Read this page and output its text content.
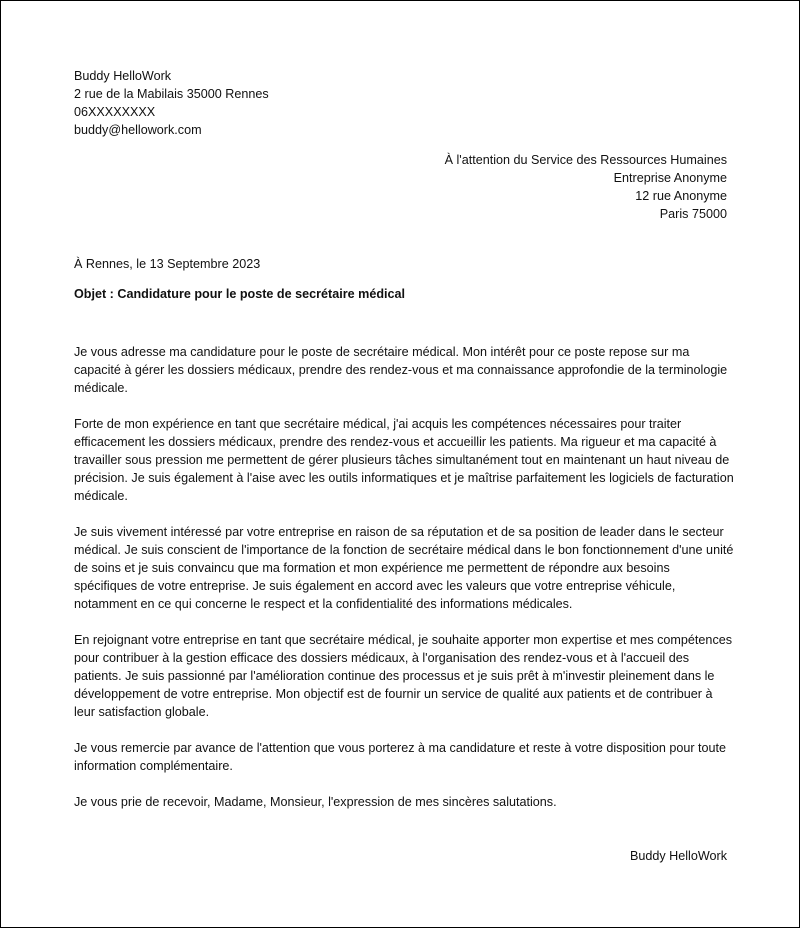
Buddy HelloWork
2 rue de la Mabilais 35000 Rennes
06XXXXXXXX
buddy@hellowork.com
À l'attention du Service des Ressources Humaines
Entreprise Anonyme
12 rue Anonyme
Paris 75000
À Rennes, le 13 Septembre 2023
Objet : Candidature pour le poste de secrétaire médical

Je vous adresse ma candidature pour le poste de secrétaire médical. Mon intérêt pour ce poste repose sur ma capacité à gérer les dossiers médicaux, prendre des rendez-vous et ma connaissance approfondie de la terminologie médicale.

Forte de mon expérience en tant que secrétaire médical, j'ai acquis les compétences nécessaires pour traiter efficacement les dossiers médicaux, prendre des rendez-vous et accueillir les patients. Ma rigueur et ma capacité à travailler sous pression me permettent de gérer plusieurs tâches simultanément tout en maintenant un haut niveau de précision. Je suis également à l'aise avec les outils informatiques et je maîtrise parfaitement les logiciels de facturation médicale.

Je suis vivement intéressé par votre entreprise en raison de sa réputation et de sa position de leader dans le secteur médical. Je suis conscient de l'importance de la fonction de secrétaire médical dans le bon fonctionnement d'une unité de soins et je suis convaincu que ma formation et mon expérience me permettent de répondre aux besoins spécifiques de votre entreprise. Je suis également en accord avec les valeurs que votre entreprise véhicule, notamment en ce qui concerne le respect et la confidentialité des informations médicales.

En rejoignant votre entreprise en tant que secrétaire médical, je souhaite apporter mon expertise et mes compétences pour contribuer à la gestion efficace des dossiers médicaux, à l'organisation des rendez-vous et à l'accueil des patients. Je suis passionné par l'amélioration continue des processus et je suis prêt à m'investir pleinement dans le développement de votre entreprise. Mon objectif est de fournir un service de qualité aux patients et de contribuer à leur satisfaction globale.

Je vous remercie par avance de l'attention que vous porterez à ma candidature et reste à votre disposition pour toute information complémentaire.

Je vous prie de recevoir, Madame, Monsieur, l'expression de mes sincères salutations.

Buddy HelloWork
